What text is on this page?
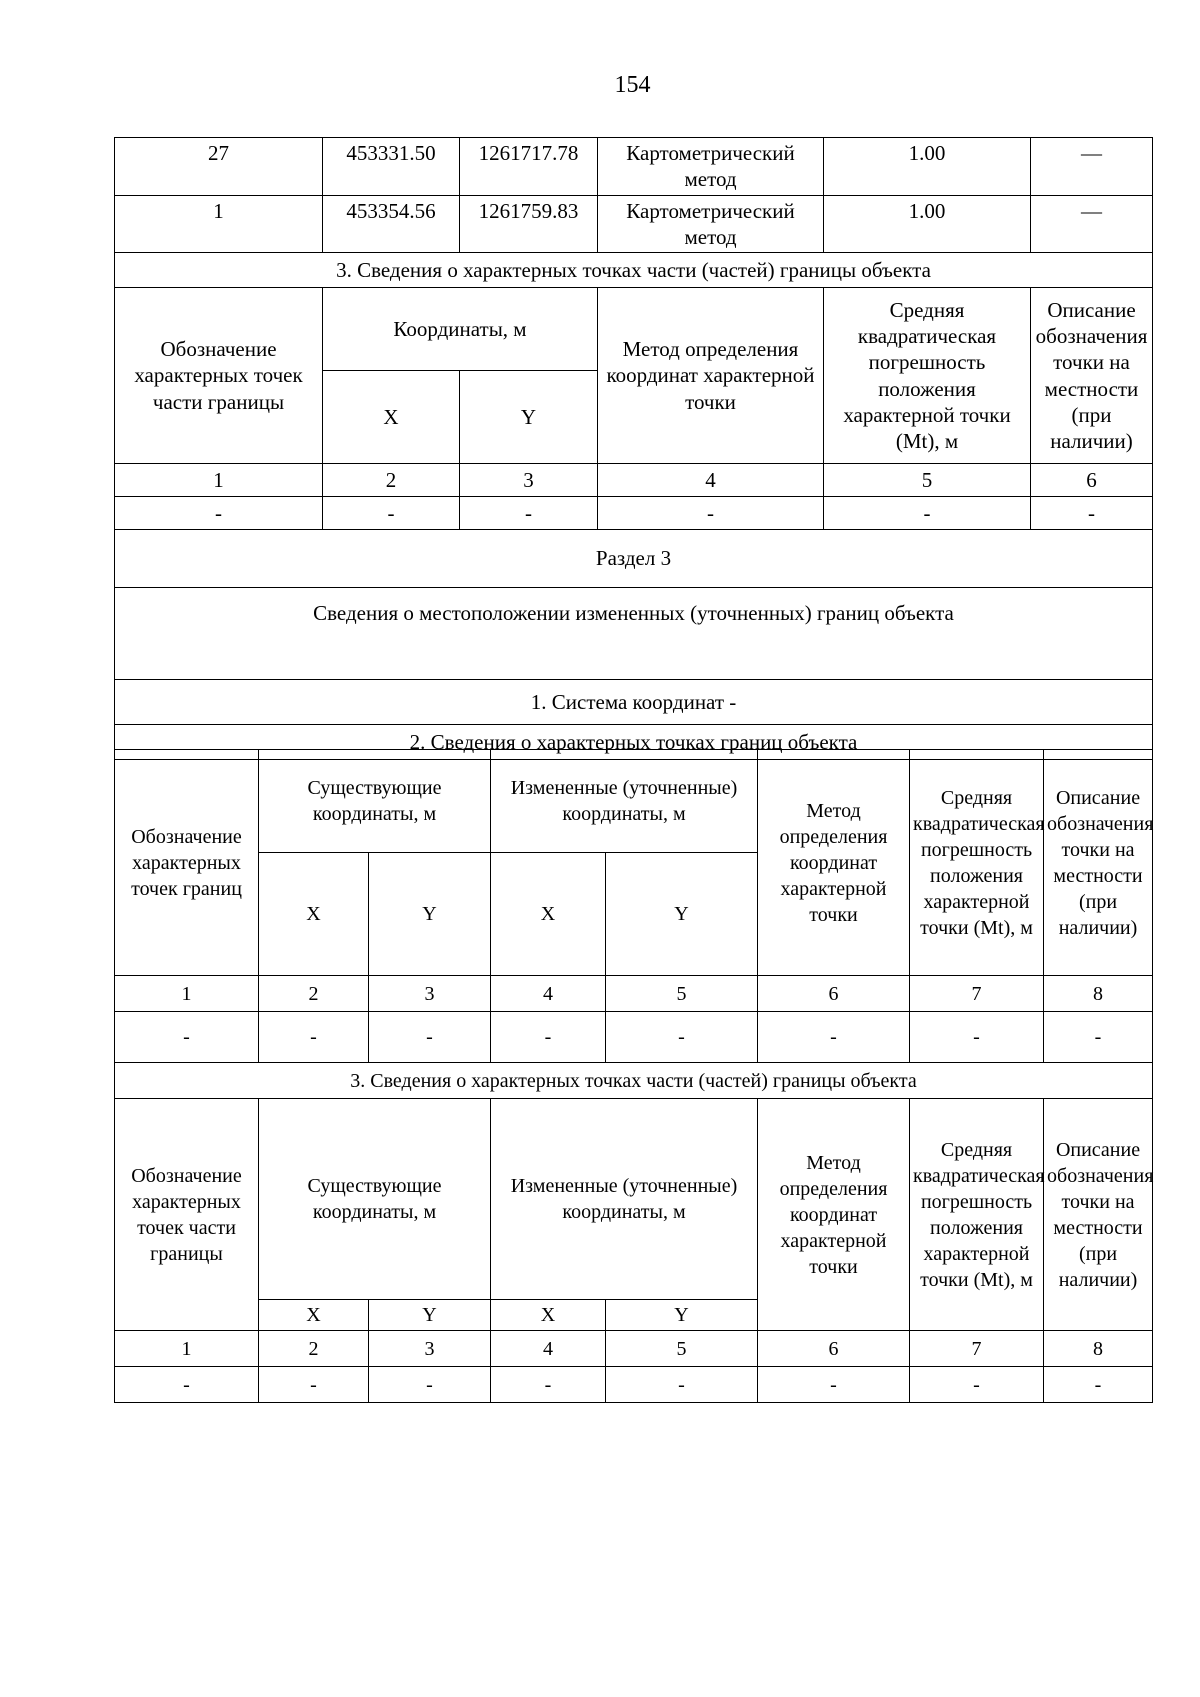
154
27	453331.50	1261717.78	Картометрический метод	1.00	—
1	453354.56	1261759.83	Картометрический метод	1.00	—
3. Сведения о характерных точках части (частей) границы объекта					
Обозначение характерных точек части границы	Координаты, м		Метод определения координат характерной точки	Средняя квадратическая погрешность положения характерной точки (Mt), м	Описание обозначения точки на местности (при наличии)
	X	Y			
1	2	3	4	5	6
-	-	-	-	-	-
Раздел 3					
Сведения о местоположении измененных (уточненных) границ объекта					
1. Система координат -					
2. Сведения о характерных точках границ объекта					
Обозначение характерных точек границ	Существующие координаты, м		Измененные (уточненные) координаты, м		Метод определения координат характерной точки	Средняя квадратическая погрешность положения характерной точки (Mt), м	Описание обозначения точки на местности (при наличии)
	X	Y	X	Y			
1	2	3	4	5	6	7	8
-	-	-	-	-	-	-	-
3. Сведения о характерных точках части (частей) границы объекта							
Обозначение характерных точек части границы	Существующие координаты, м		Измененные (уточненные) координаты, м		Метод определения координат характерной точки	Средняя квадратическая погрешность положения характерной точки (Mt), м	Описание обозначения точки на местности (при наличии)
	X	Y	X	Y			
1	2	3	4	5	6	7	8
-	-	-	-	-	-	-	-
